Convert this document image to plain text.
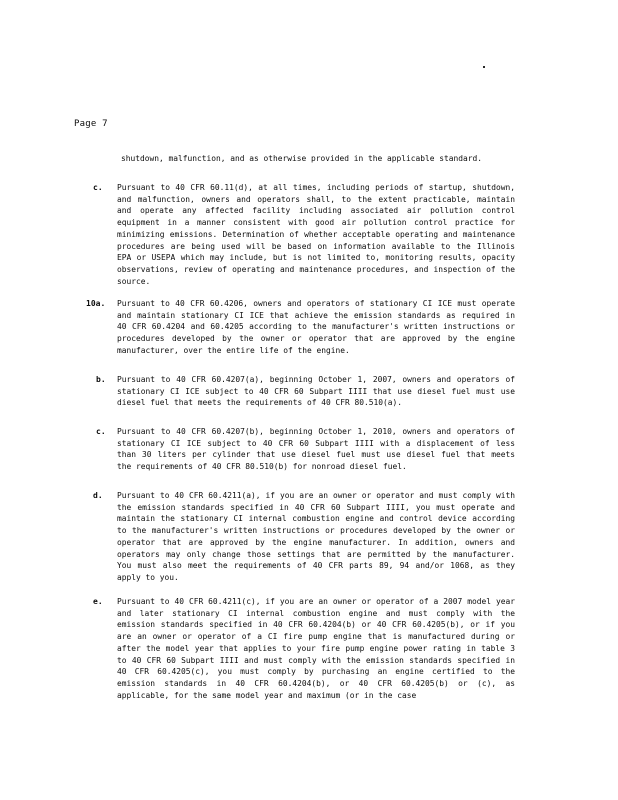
Page 7
shutdown, malfunction, and as otherwise provided in the applicable standard.
c. Pursuant to 40 CFR 60.11(d), at all times, including periods of startup, shutdown, and malfunction, owners and operators shall, to the extent practicable, maintain and operate any affected facility including associated air pollution control equipment in a manner consistent with good air pollution control practice for minimizing emissions. Determination of whether acceptable operating and maintenance procedures are being used will be based on information available to the Illinois EPA or USEPA which may include, but is not limited to, monitoring results, opacity observations, review of operating and maintenance procedures, and inspection of the source.
10a. Pursuant to 40 CFR 60.4206, owners and operators of stationary CI ICE must operate and maintain stationary CI ICE that achieve the emission standards as required in 40 CFR 60.4204 and 60.4205 according to the manufacturer's written instructions or procedures developed by the owner or operator that are approved by the engine manufacturer, over the entire life of the engine.
b. Pursuant to 40 CFR 60.4207(a), beginning October 1, 2007, owners and operators of stationary CI ICE subject to 40 CFR 60 Subpart IIII that use diesel fuel must use diesel fuel that meets the requirements of 40 CFR 80.510(a).
c. Pursuant to 40 CFR 60.4207(b), beginning October 1, 2010, owners and operators of stationary CI ICE subject to 40 CFR 60 Subpart IIII with a displacement of less than 30 liters per cylinder that use diesel fuel must use diesel fuel that meets the requirements of 40 CFR 80.510(b) for nonroad diesel fuel.
d. Pursuant to 40 CFR 60.4211(a), if you are an owner or operator and must comply with the emission standards specified in 40 CFR 60 Subpart IIII, you must operate and maintain the stationary CI internal combustion engine and control device according to the manufacturer's written instructions or procedures developed by the owner or operator that are approved by the engine manufacturer. In addition, owners and operators may only change those settings that are permitted by the manufacturer. You must also meet the requirements of 40 CFR parts 89, 94 and/or 1068, as they apply to you.
e. Pursuant to 40 CFR 60.4211(c), if you are an owner or operator of a 2007 model year and later stationary CI internal combustion engine and must comply with the emission standards specified in 40 CFR 60.4204(b) or 40 CFR 60.4205(b), or if you are an owner or operator of a CI fire pump engine that is manufactured during or after the model year that applies to your fire pump engine power rating in table 3 to 40 CFR 60 Subpart IIII and must comply with the emission standards specified in 40 CFR 60.4205(c), you must comply by purchasing an engine certified to the emission standards in 40 CFR 60.4204(b), or 40 CFR 60.4205(b) or (c), as applicable, for the same model year and maximum (or in the case
